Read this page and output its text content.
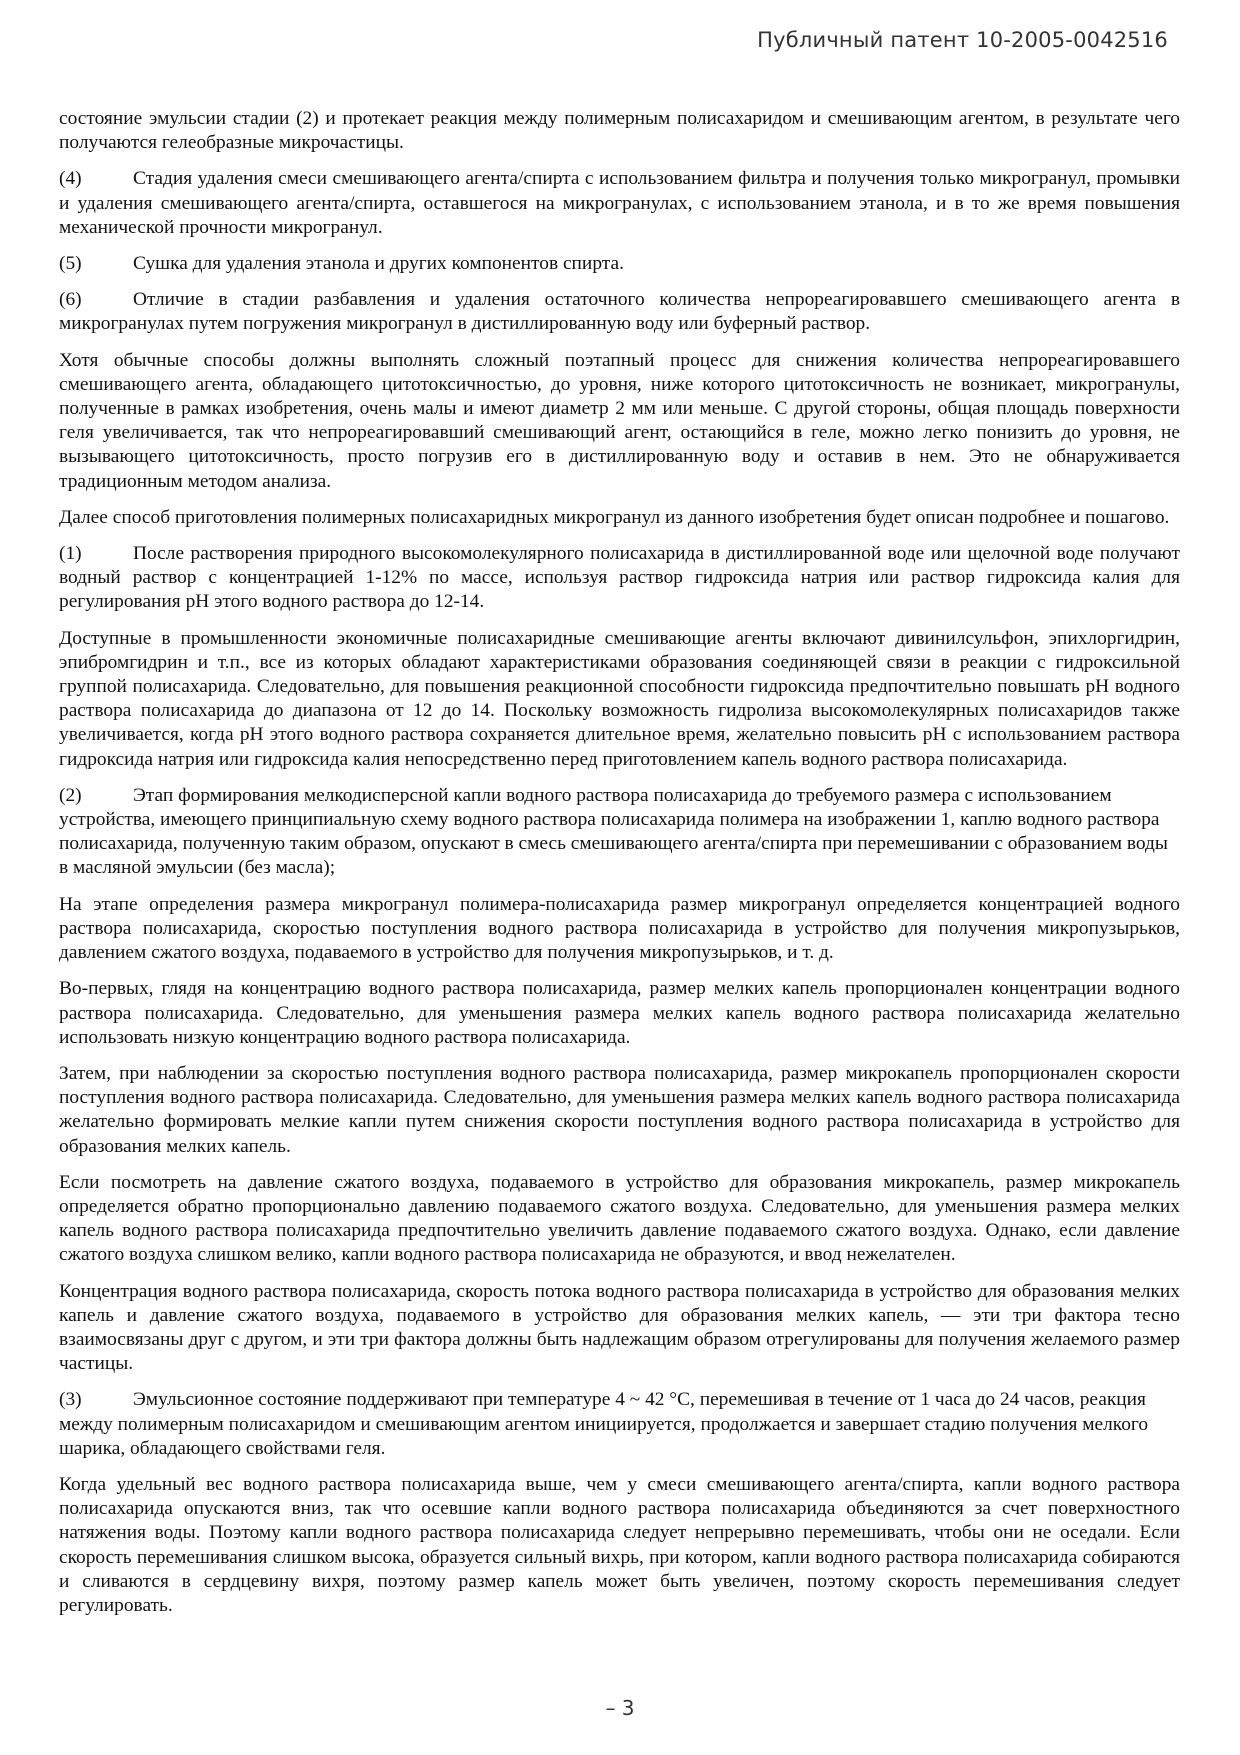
Публичный патент 10-2005-0042516

состояние эмульсии стадии (2) и протекает реакция между полимерным полисахаридом и смешивающим агентом, в результате чего получаются гелеобразные микрочастицы.

(4)	Стадия удаления смеси смешивающего агента/спирта с использованием фильтра и получения только микрогранул, промывки и удаления смешивающего агента/спирта, оставшегося на микрогранулах, с использованием этанола, и в то же время повышения механической прочности микрогранул.

(5)	Сушка для удаления этанола и других компонентов спирта.

(6)	Отличие в стадии разбавления и удаления остаточного количества непрореагировавшего смешивающего агента в микрогранулах путем погружения микрогранул в дистиллированную воду или буферный раствор.

Хотя обычные способы должны выполнять сложный поэтапный процесс для снижения количества непрореагировавшего смешивающего агента, обладающего цитотоксичностью, до уровня, ниже которого цитотоксичность не возникает, микрогранулы, полученные в рамках изобретения, очень малы и имеют диаметр 2 мм или меньше. С другой стороны, общая площадь поверхности геля увеличивается, так что непрореагировавший смешивающий агент, остающийся в геле, можно легко понизить до уровня, не вызывающего цитотоксичность, просто погрузив его в дистиллированную воду и оставив в нем. Это не обнаруживается традиционным методом анализа.

Далее способ приготовления полимерных полисахаридных микрогранул из данного изобретения будет описан подробнее и пошагово.

(1)	После растворения природного высокомолекулярного полисахарида в дистиллированной воде или щелочной воде получают водный раствор с концентрацией 1-12% по массе, используя раствор гидроксида натрия или раствор гидроксида калия для регулирования pH этого водного раствора до 12-14.

Доступные в промышленности экономичные полисахаридные смешивающие агенты включают дивинилсульфон, эпихлоргидрин, эпибромгидрин и т.п., все из которых обладают характеристиками образования соединяющей связи в реакции с гидроксильной группой полисахарида. Следовательно, для повышения реакционной способности гидроксида предпочтительно повышать pH водного раствора полисахарида до диапазона от 12 до 14. Поскольку возможность гидролиза высокомолекулярных полисахаридов также увеличивается, когда pH этого водного раствора сохраняется длительное время, желательно повысить pH с использованием раствора гидроксида натрия или гидроксида калия непосредственно перед приготовлением капель водного раствора полисахарида.

(2)	Этап формирования мелкодисперсной капли водного раствора полисахарида до требуемого размера с использованием устройства, имеющего принципиальную схему водного раствора полисахарида полимера на изображении 1, каплю водного раствора полисахарида, полученную таким образом, опускают в смесь смешивающего агента/спирта при перемешивании с образованием воды в масляной эмульсии (без масла);

На этапе определения размера микрогранул полимера-полисахарида размер микрогранул определяется концентрацией водного раствора полисахарида, скоростью поступления водного раствора полисахарида в устройство для получения микропузырьков, давлением сжатого воздуха, подаваемого в устройство для получения микропузырьков, и т. д.

Во-первых, глядя на концентрацию водного раствора полисахарида, размер мелких капель пропорционален концентрации водного раствора полисахарида. Следовательно, для уменьшения размера мелких капель водного раствора полисахарида желательно использовать низкую концентрацию водного раствора полисахарида.

Затем, при наблюдении за скоростью поступления водного раствора полисахарида, размер микрокапель пропорционален скорости поступления водного раствора полисахарида. Следовательно, для уменьшения размера мелких капель водного раствора полисахарида желательно формировать мелкие капли путем снижения скорости поступления водного раствора полисахарида в устройство для образования мелких капель.

Если посмотреть на давление сжатого воздуха, подаваемого в устройство для образования микрокапель, размер микрокапель определяется обратно пропорционально давлению подаваемого сжатого воздуха. Следовательно, для уменьшения размера мелких капель водного раствора полисахарида предпочтительно увеличить давление подаваемого сжатого воздуха. Однако, если давление сжатого воздуха слишком велико, капли водного раствора полисахарида не образуются, и ввод нежелателен.

Концентрация водного раствора полисахарида, скорость потока водного раствора полисахарида в устройство для образования мелких капель и давление сжатого воздуха, подаваемого в устройство для образования мелких капель, — эти три фактора тесно взаимосвязаны друг с другом, и эти три фактора должны быть надлежащим образом отрегулированы для получения желаемого размер частицы.

(3)	Эмульсионное состояние поддерживают при температуре 4 ~ 42 °C, перемешивая в течение от 1 часа до 24 часов, реакция между полимерным полисахаридом и смешивающим агентом инициируется, продолжается и завершает стадию получения мелкого шарика, обладающего свойствами геля.

Когда удельный вес водного раствора полисахарида выше, чем у смеси смешивающего агента/спирта, капли водного раствора полисахарида опускаются вниз, так что осевшие капли водного раствора полисахарида объединяются за счет поверхностного натяжения воды. Поэтому капли водного раствора полисахарида следует непрерывно перемешивать, чтобы они не оседали. Если скорость перемешивания слишком высока, образуется сильный вихрь, при котором, капли водного раствора полисахарида собираются и сливаются в сердцевину вихря, поэтому размер капель может быть увеличен, поэтому скорость перемешивания следует регулировать.

– 3
